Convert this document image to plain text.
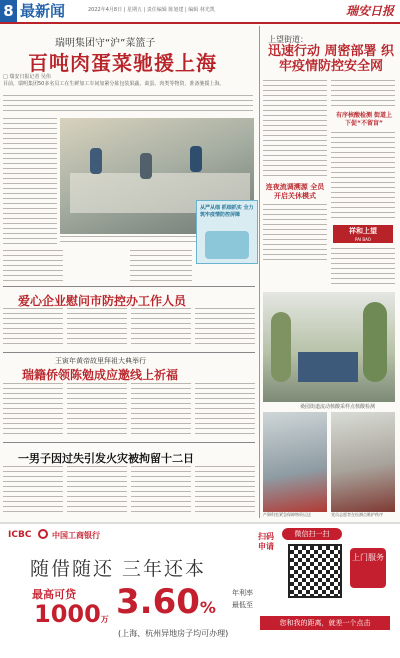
8 最新闻	2022年4月8日 | 星期五 | 责任编辑 陈旭建 | 编辑 林光凯	瑞安日报
瑞明集团守“沪”菜篮子
百吨肉蛋菜驰援上海
□ 瑞安日报记者 吴伟
目前，瑞明集团50多名员工在生鲜加工车间加紧分拣包装果蔬、禽蛋、肉类等物资，准备驰援上海。
从严从细 抓细抓实 全力筑牢疫情防控屏障
爱心企业慰问市防控办工作人员
王寅年黄帝故里拜祖大典举行
瑞籍侨领陈勉成应邀线上祈福
一男子因过失引发火灾被拘留十二日
上望街道：
迅速行动 周密部署 织牢疫情防控安全网
有序核酸检测 街道上下促“不留盲”
连夜流调溯源 全员开启关休模式
祥和上望
PAI BAO
桑园街道流动核酸采样点核酸检测
产卵科室紧急保障物资运送	党员志愿者在检测点维护秩序
ICBC	中国工商银行
随借随还 三年还本
最高可贷
1000万 3.60%
年利率
最低至
(上海、杭州异地房子均可办理)
扫码申请
微信扫一扫
上门服务
您和我的距离，就差一个点击
